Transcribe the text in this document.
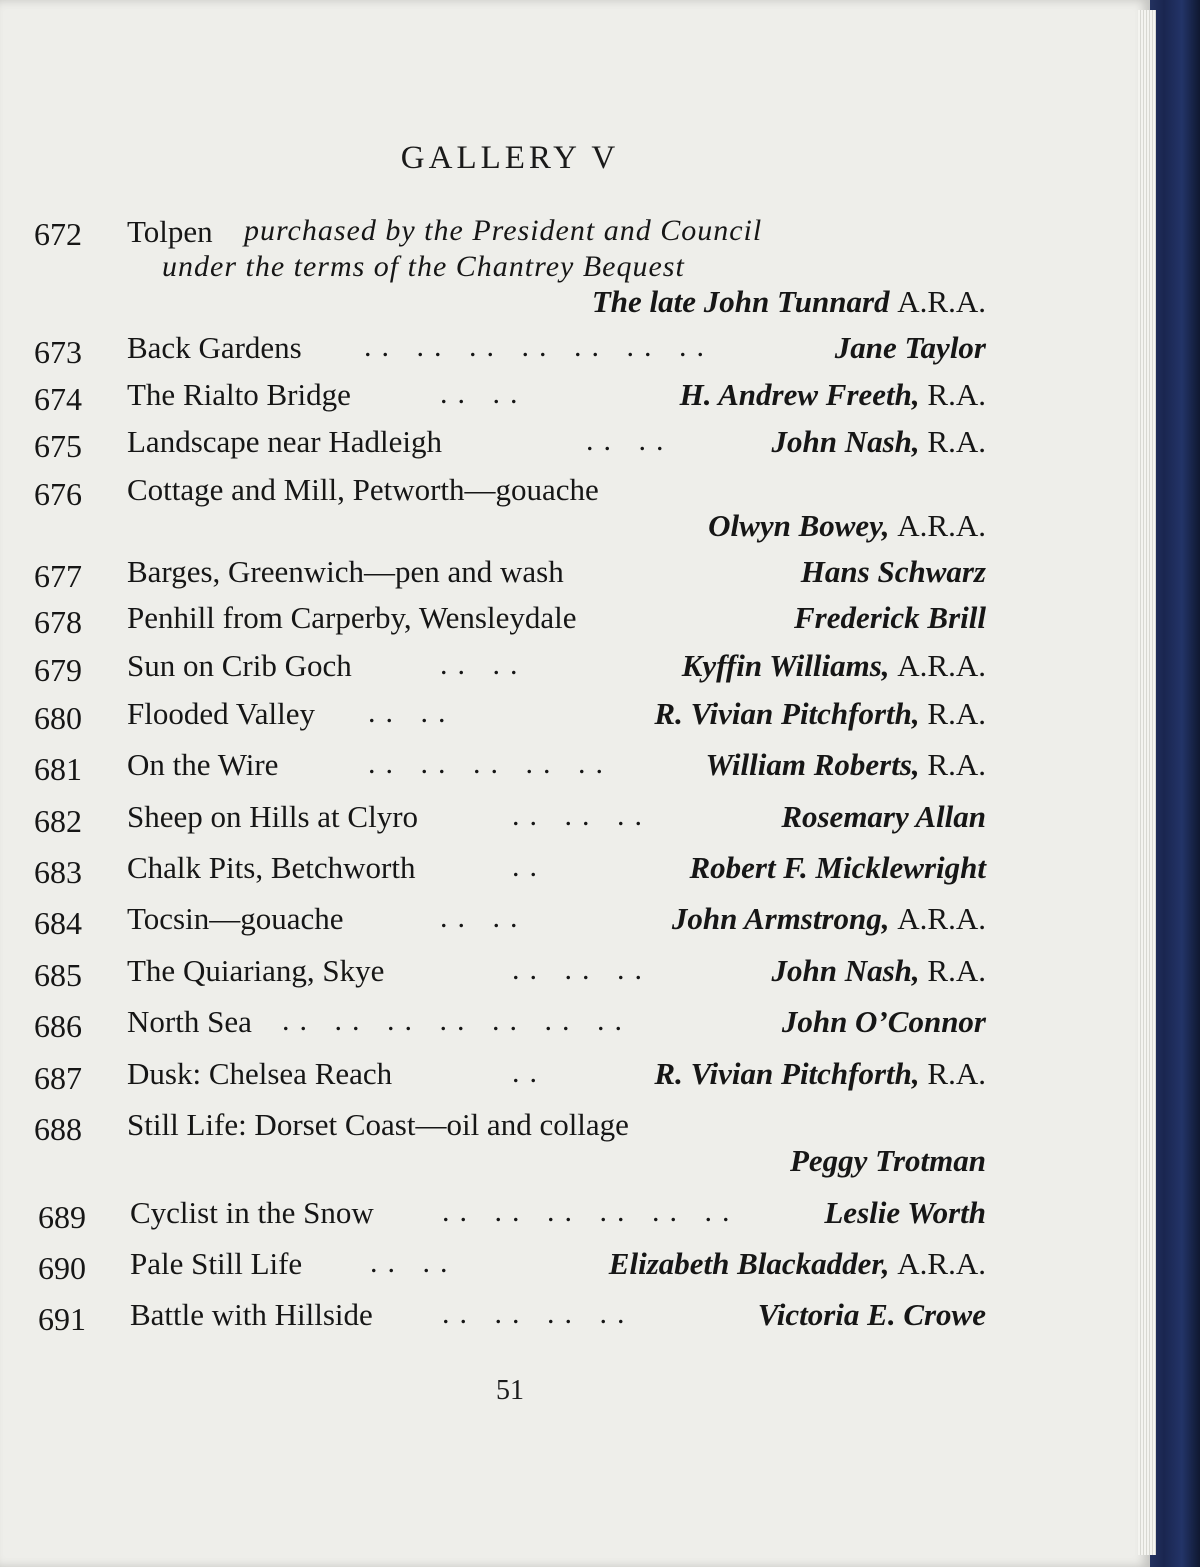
GALLERY V
672 Tolpen purchased by the President and Council
under the terms of the Chantrey Bequest
The late John Tunnard A.R.A.
673 Back Gardens .. .. .. .. .. .. ..	Jane Taylor
674 The Rialto Bridge	.. ..	H. Andrew Freeth, R.A.
675 Landscape near Hadleigh	.. ..	John Nash, R.A.
676 Cottage and Mill, Petworth—gouache
Olwyn Bowey, A.R.A.
677 Barges, Greenwich—pen and wash	Hans Schwarz
678 Penhill from Carperby, Wensleydale	Frederick Brill
679 Sun on Crib Goch	.. ..	Kyffin Williams, A.R.A.
680 Flooded Valley .. ..	R. Vivian Pitchforth, R.A.
681 On the Wire	.. .. .. .. ..	William Roberts, R.A.
682 Sheep on Hills at Clyro	.. .. ..	Rosemary Allan
683 Chalk Pits, Betchworth	..	Robert F. Micklewright
684 Tocsin—gouache	.. ..	John Armstrong, A.R.A.
685 The Quiariang, Skye	.. .. ..	John Nash, R.A.
686 North Sea .. .. .. .. .. .. ..	John O’Connor
687 Dusk: Chelsea Reach	..	R. Vivian Pitchforth, R.A.
688 Still Life: Dorset Coast—oil and collage
Peggy Trotman
689 Cyclist in the Snow .. .. .. .. .. ..	Leslie Worth
690 Pale Still Life .. ..	Elizabeth Blackadder, A.R.A.
691 Battle with Hillside .. .. .. ..	Victoria E. Crowe
51
